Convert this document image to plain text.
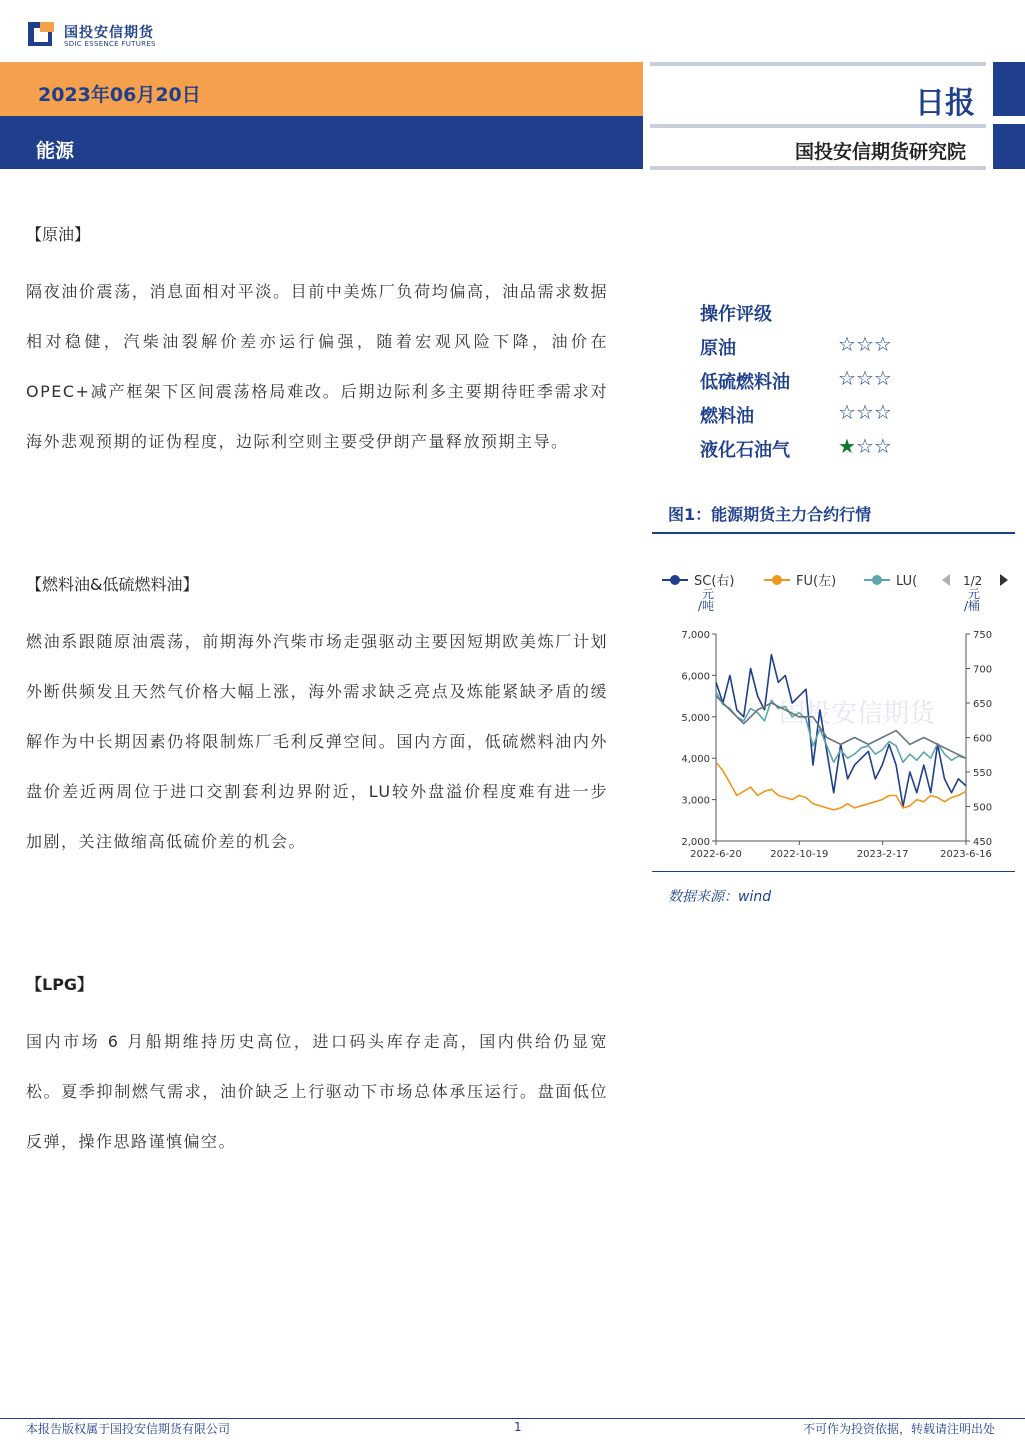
国投安信期货
SDIC ESSENCE FUTURES
2023年06月20日
能源
日报
国投安信期货研究院
【原油】
隔夜油价震荡，消息面相对平淡。目前中美炼厂负荷均偏高，油品需求数据相对稳健，汽柴油裂解价差亦运行偏强，随着宏观风险下降，油价在OPEC+减产框架下区间震荡格局难改。后期边际利多主要期待旺季需求对海外悲观预期的证伪程度，边际利空则主要受伊朗产量释放预期主导。
【燃料油&低硫燃料油】
燃油系跟随原油震荡，前期海外汽柴市场走强驱动主要因短期欧美炼厂计划外断供频发且天然气价格大幅上涨，海外需求缺乏亮点及炼能紧缺矛盾的缓解作为中长期因素仍将限制炼厂毛利反弹空间。国内方面，低硫燃料油内外盘价差近两周位于进口交割套利边界附近，LU较外盘溢价程度难有进一步加剧，关注做缩高低硫价差的机会。
【LPG】
国内市场 6 月船期维持历史高位，进口码头库存走高，国内供给仍显宽松。夏季抑制燃气需求，油价缺乏上行驱动下市场总体承压运行。盘面低位反弹，操作思路谨慎偏空。
操作评级
原油	☆☆☆
低硫燃料油 ☆☆☆
燃料油	☆☆☆
液化石油气 ★☆☆
图1：能源期货主力合约行情
国投安信期货
SC(右)	FU(左)	LU(	1/2
元
/吨
元
/桶
7,000
6,000
5,000
4,000
3,000
2,000
750
700
650
600
550
500
450
2022-6-20	2022-10-19	2023-2-17	2023-6-16
数据来源：wind
本报告版权属于国投安信期货有限公司	1	不可作为投资依据，转载请注明出处
